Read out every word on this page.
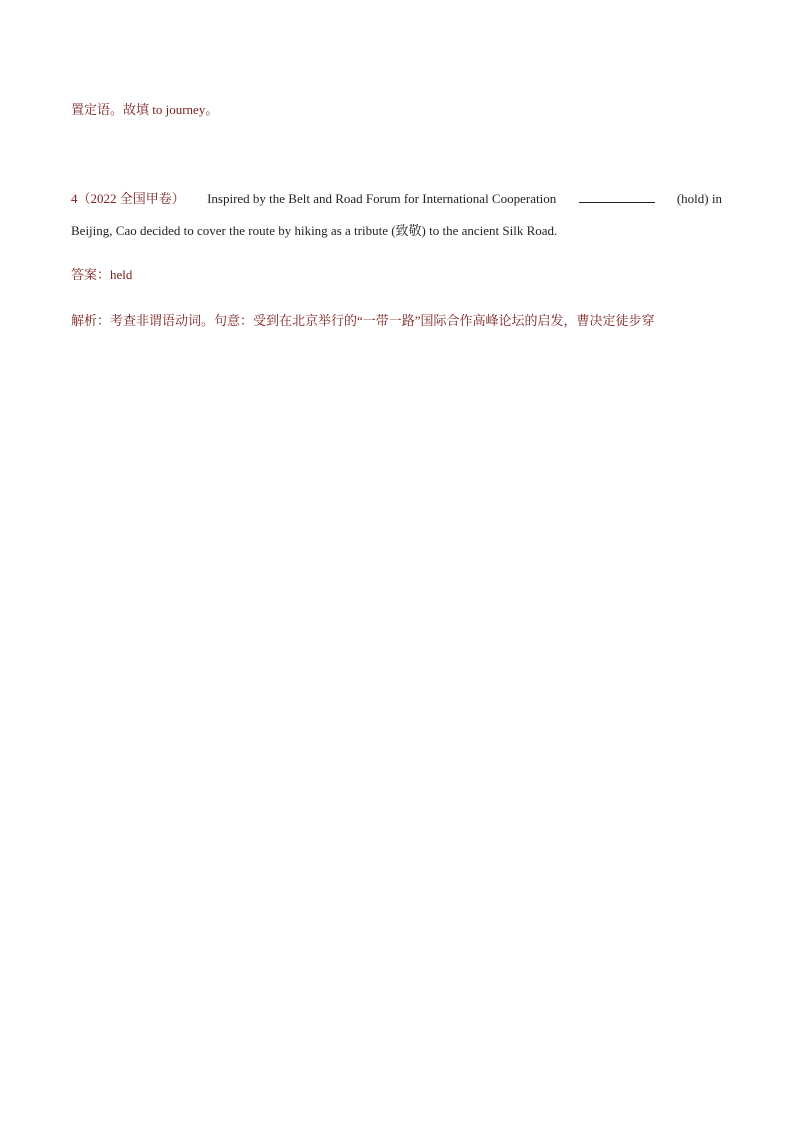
置定语。故填 to journey。
4（2022 全国甲卷） Inspired by the Belt and Road Forum for International Cooperation	(hold) in
Beijing, Cao decided to cover the route by hiking as a tribute (致敬) to the ancient Silk Road.
答案：held
解析：考查非谓语动词。句意：受到在北京举行的“一带一路”国际合作高峰论坛的启发，曹决定徒步穿
